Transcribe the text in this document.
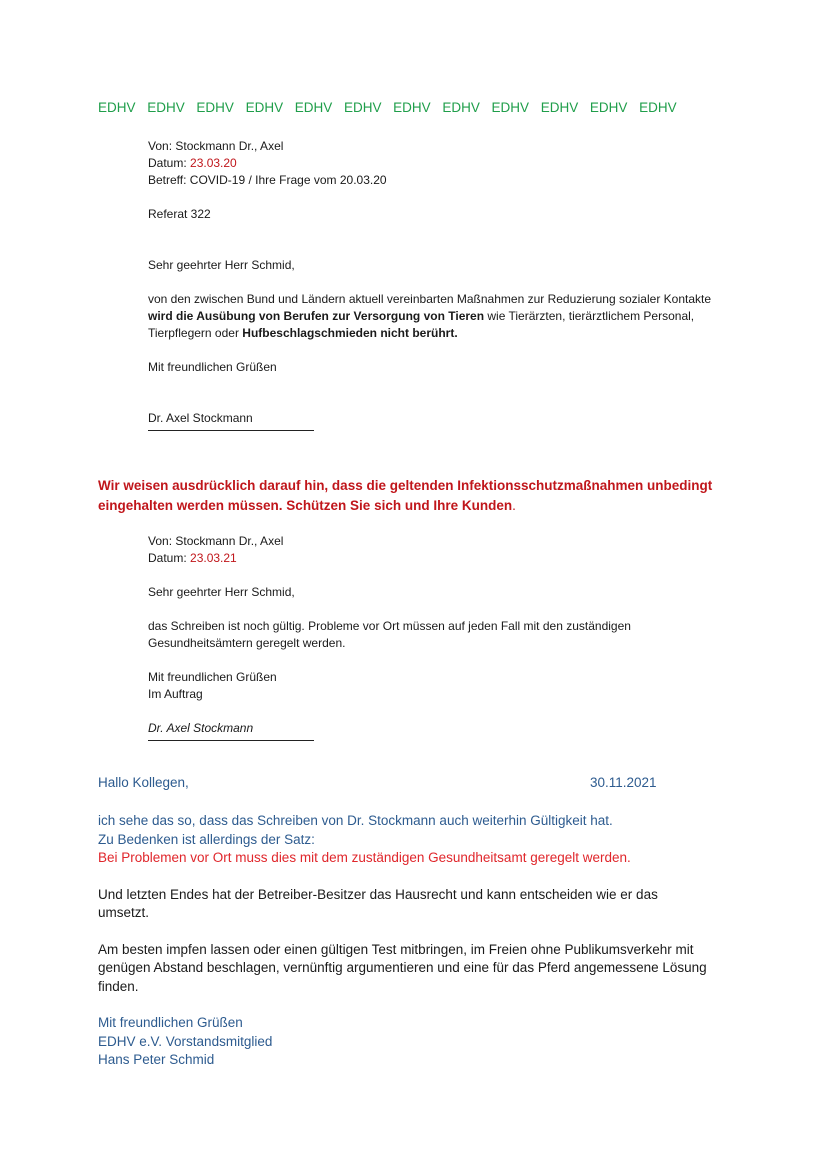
EDHV EDHV EDHV EDHV EDHV EDHV EDHV EDHV EDHV EDHV EDHV EDHV

Von: Stockmann Dr., Axel

Datum: 23.03.20

Betreff: COVID-19 / Ihre Frage vom 20.03.20

Referat 322

Sehr geehrter Herr Schmid,

von den zwischen Bund und Ländern aktuell vereinbarten Maßnahmen zur Reduzierung sozialer Kontakte wird die Ausübung von Berufen zur Versorgung von Tieren wie Tierärzten, tierärztlichem Personal, Tierpflegern oder Hufbeschlagschmieden nicht berührt.

Mit freundlichen Grüßen

Dr. Axel Stockmann

Wir weisen ausdrücklich darauf hin, dass die geltenden Infektionsschutzmaßnahmen unbedingt eingehalten werden müssen. Schützen Sie sich und Ihre Kunden.

Von: Stockmann Dr., Axel

Datum: 23.03.21

Sehr geehrter Herr Schmid,

das Schreiben ist noch gültig. Probleme vor Ort müssen auf jeden Fall mit den zuständigen Gesundheitsämtern geregelt werden.

Mit freundlichen Grüßen

Im Auftrag

Dr. Axel Stockmann

Hallo Kollegen,	30.11.2021
ich sehe das so, dass das Schreiben von Dr. Stockmann auch weiterhin Gültigkeit hat.
Zu Bedenken ist allerdings der Satz:
Bei Problemen vor Ort muss dies mit dem zuständigen Gesundheitsamt geregelt werden.
Und letzten Endes hat der Betreiber-Besitzer das Hausrecht und kann entscheiden wie er das umsetzt.
Am besten impfen lassen oder einen gültigen Test mitbringen, im Freien ohne Publikumsverkehr mit genügen Abstand beschlagen, vernünftig argumentieren und eine für das Pferd angemessene Lösung finden.
Mit freundlichen Grüßen
EDHV e.V. Vorstandsmitglied
Hans Peter Schmid
